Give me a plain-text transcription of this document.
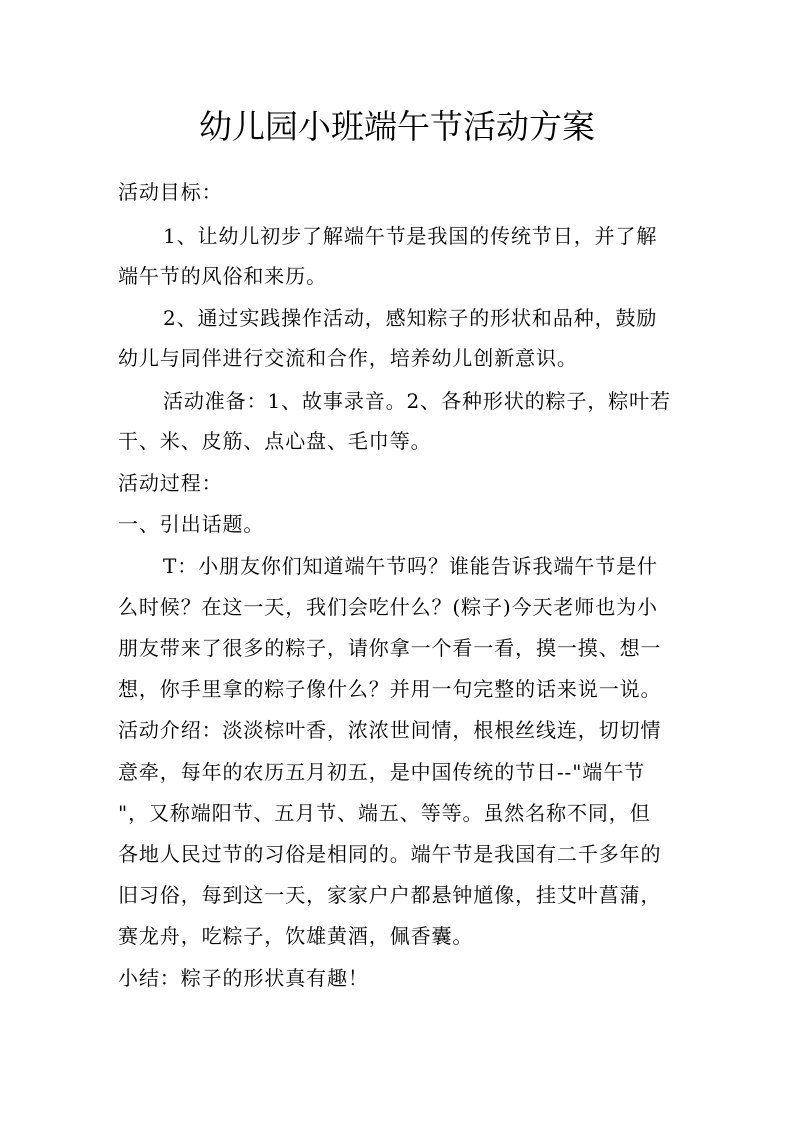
幼儿园小班端午节活动方案
活动目标：
1、让幼儿初步了解端午节是我国的传统节日，并了解
端午节的风俗和来历。
2、通过实践操作活动，感知粽子的形状和品种，鼓励
幼儿与同伴进行交流和合作，培养幼儿创新意识。
活动准备：1、故事录音。2、各种形状的粽子，粽叶若
干、米、皮筋、点心盘、毛巾等。
活动过程：
一、引出话题。
T：小朋友你们知道端午节吗？谁能告诉我端午节是什
么时候？在这一天，我们会吃什么？(粽子)今天老师也为小
朋友带来了很多的粽子，请你拿一个看一看，摸一摸、想一
想，你手里拿的粽子像什么？并用一句完整的话来说一说。
活动介绍：淡淡棕叶香，浓浓世间情，根根丝线连，切切情
意牵，每年的农历五月初五，是中国传统的节日--"端午节
"，又称端阳节、五月节、端五、等等。虽然名称不同，但
各地人民过节的习俗是相同的。端午节是我国有二千多年的
旧习俗，每到这一天，家家户户都悬钟馗像，挂艾叶菖蒲，
赛龙舟，吃粽子，饮雄黄酒，佩香囊。
小结：粽子的形状真有趣！
